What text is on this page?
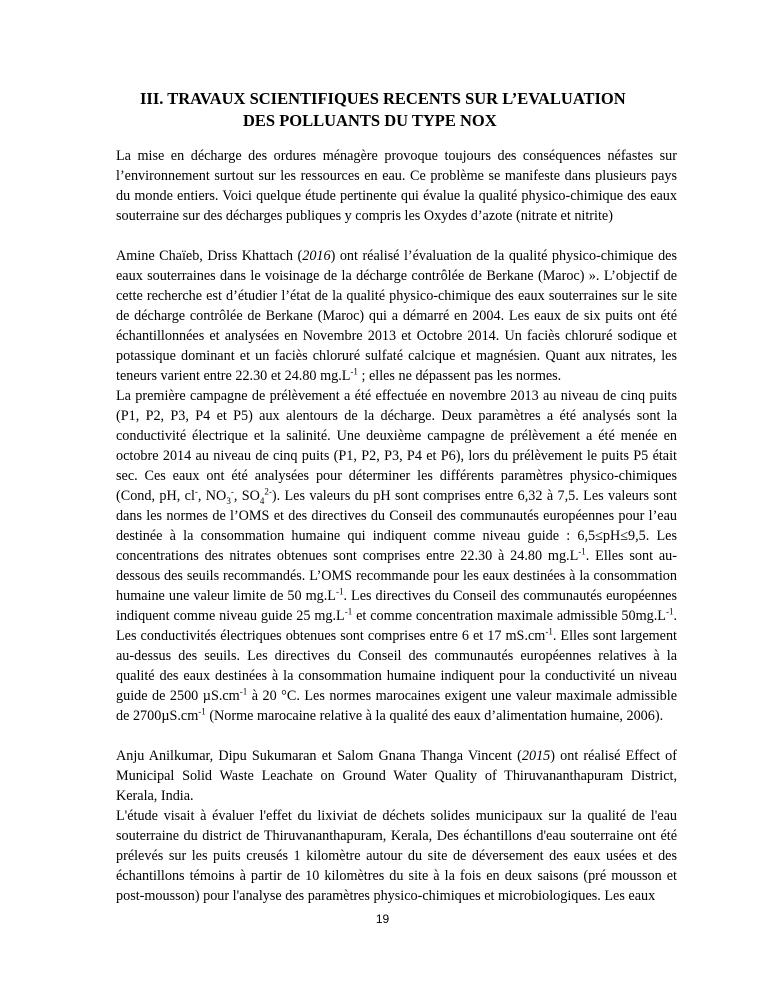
III. TRAVAUX SCIENTIFIQUES RECENTS SUR L’EVALUATION
DES POLLUANTS DU TYPE NOX

La mise en décharge des ordures ménagère provoque toujours des conséquences néfastes sur l’environnement surtout sur les ressources en eau. Ce problème se manifeste dans plusieurs pays du monde entiers. Voici quelque étude pertinente qui évalue la qualité physico-chimique des eaux souterraine sur des décharges publiques y compris les Oxydes d’azote (nitrate et nitrite)

Amine Chaïeb, Driss Khattach (2016) ont réalisé l’évaluation de la qualité physico-chimique des eaux souterraines dans le voisinage de la décharge contrôlée de Berkane (Maroc) ». L’objectif de cette recherche est d’étudier l’état de la qualité physico-chimique des eaux souterraines sur le site de décharge contrôlée de Berkane (Maroc) qui a démarré en 2004. Les eaux de six puits ont été échantillonnées et analysées en Novembre 2013 et Octobre 2014. Un faciès chloruré sodique et potassique dominant et un faciès chloruré sulfaté calcique et magnésien. Quant aux nitrates, les teneurs varient entre 22.30 et 24.80 $mg.L^{-1}$ ; elles ne dépassent pas les normes.

La première campagne de prélèvement a été effectuée en novembre 2013 au niveau de cinq puits (P1, P2, P3, P4 et P5) aux alentours de la décharge. Deux paramètres a été analysés sont la conductivité électrique et la salinité. Une deuxième campagne de prélèvement a été menée en octobre 2014 au niveau de cinq puits (P1, P2, P3, P4 et P6), lors du prélèvement le puits P5 était sec. Ces eaux ont été analysées pour déterminer les différents paramètres physico-chimiques (Cond, pH, cl-, $NO_3^-$, $SO_4^{2-}$). Les valeurs du pH sont comprises entre 6,32 à 7,5. Les valeurs sont dans les normes de l’OMS et des directives du Conseil des communautés européennes pour l’eau destinée à la consommation humaine qui indiquent comme niveau guide : 6,5≤pH≤9,5. Les concentrations des nitrates obtenues sont comprises entre 22.30 à 24.80 $mg.L^{-1}$. Elles sont au-dessous des seuils recommandés. L’OMS recommande pour les eaux destinées à la consommation humaine une valeur limite de 50 $mg.L^{-1}$. Les directives du Conseil des communautés européennes indiquent comme niveau guide 25 $mg.L^{-1}$ et comme concentration maximale admissible $50mg.L^{-1}$. Les conductivités électriques obtenues sont comprises entre 6 et 17 $mS.cm^{-1}$. Elles sont largement au-dessus des seuils. Les directives du Conseil des communautés européennes relatives à la qualité des eaux destinées à la consommation humaine indiquent pour la conductivité un niveau guide de 2500 $\mu S.cm^{-1}$ à 20 °C. Les normes marocaines exigent une valeur maximale admissible de $2700\mu S.cm^{-1}$ (Norme marocaine relative à la qualité des eaux d’alimentation humaine, 2006).

Anju Anilkumar, Dipu Sukumaran et Salom Gnana Thanga Vincent (2015) ont réalisé Effect of Municipal Solid Waste Leachate on Ground Water Quality of Thiruvananthapuram District, Kerala, India.

L'étude visait à évaluer l'effet du lixiviat de déchets solides municipaux sur la qualité de l'eau souterraine du district de Thiruvananthapuram, Kerala, Des échantillons d'eau souterraine ont été prélevés sur les puits creusés 1 kilomètre autour du site de déversement des eaux usées et des échantillons témoins à partir de 10 kilomètres du site à la fois en deux saisons (pré mousson et post-mousson) pour l'analyse des paramètres physico-chimiques et microbiologiques. Les eaux

19
